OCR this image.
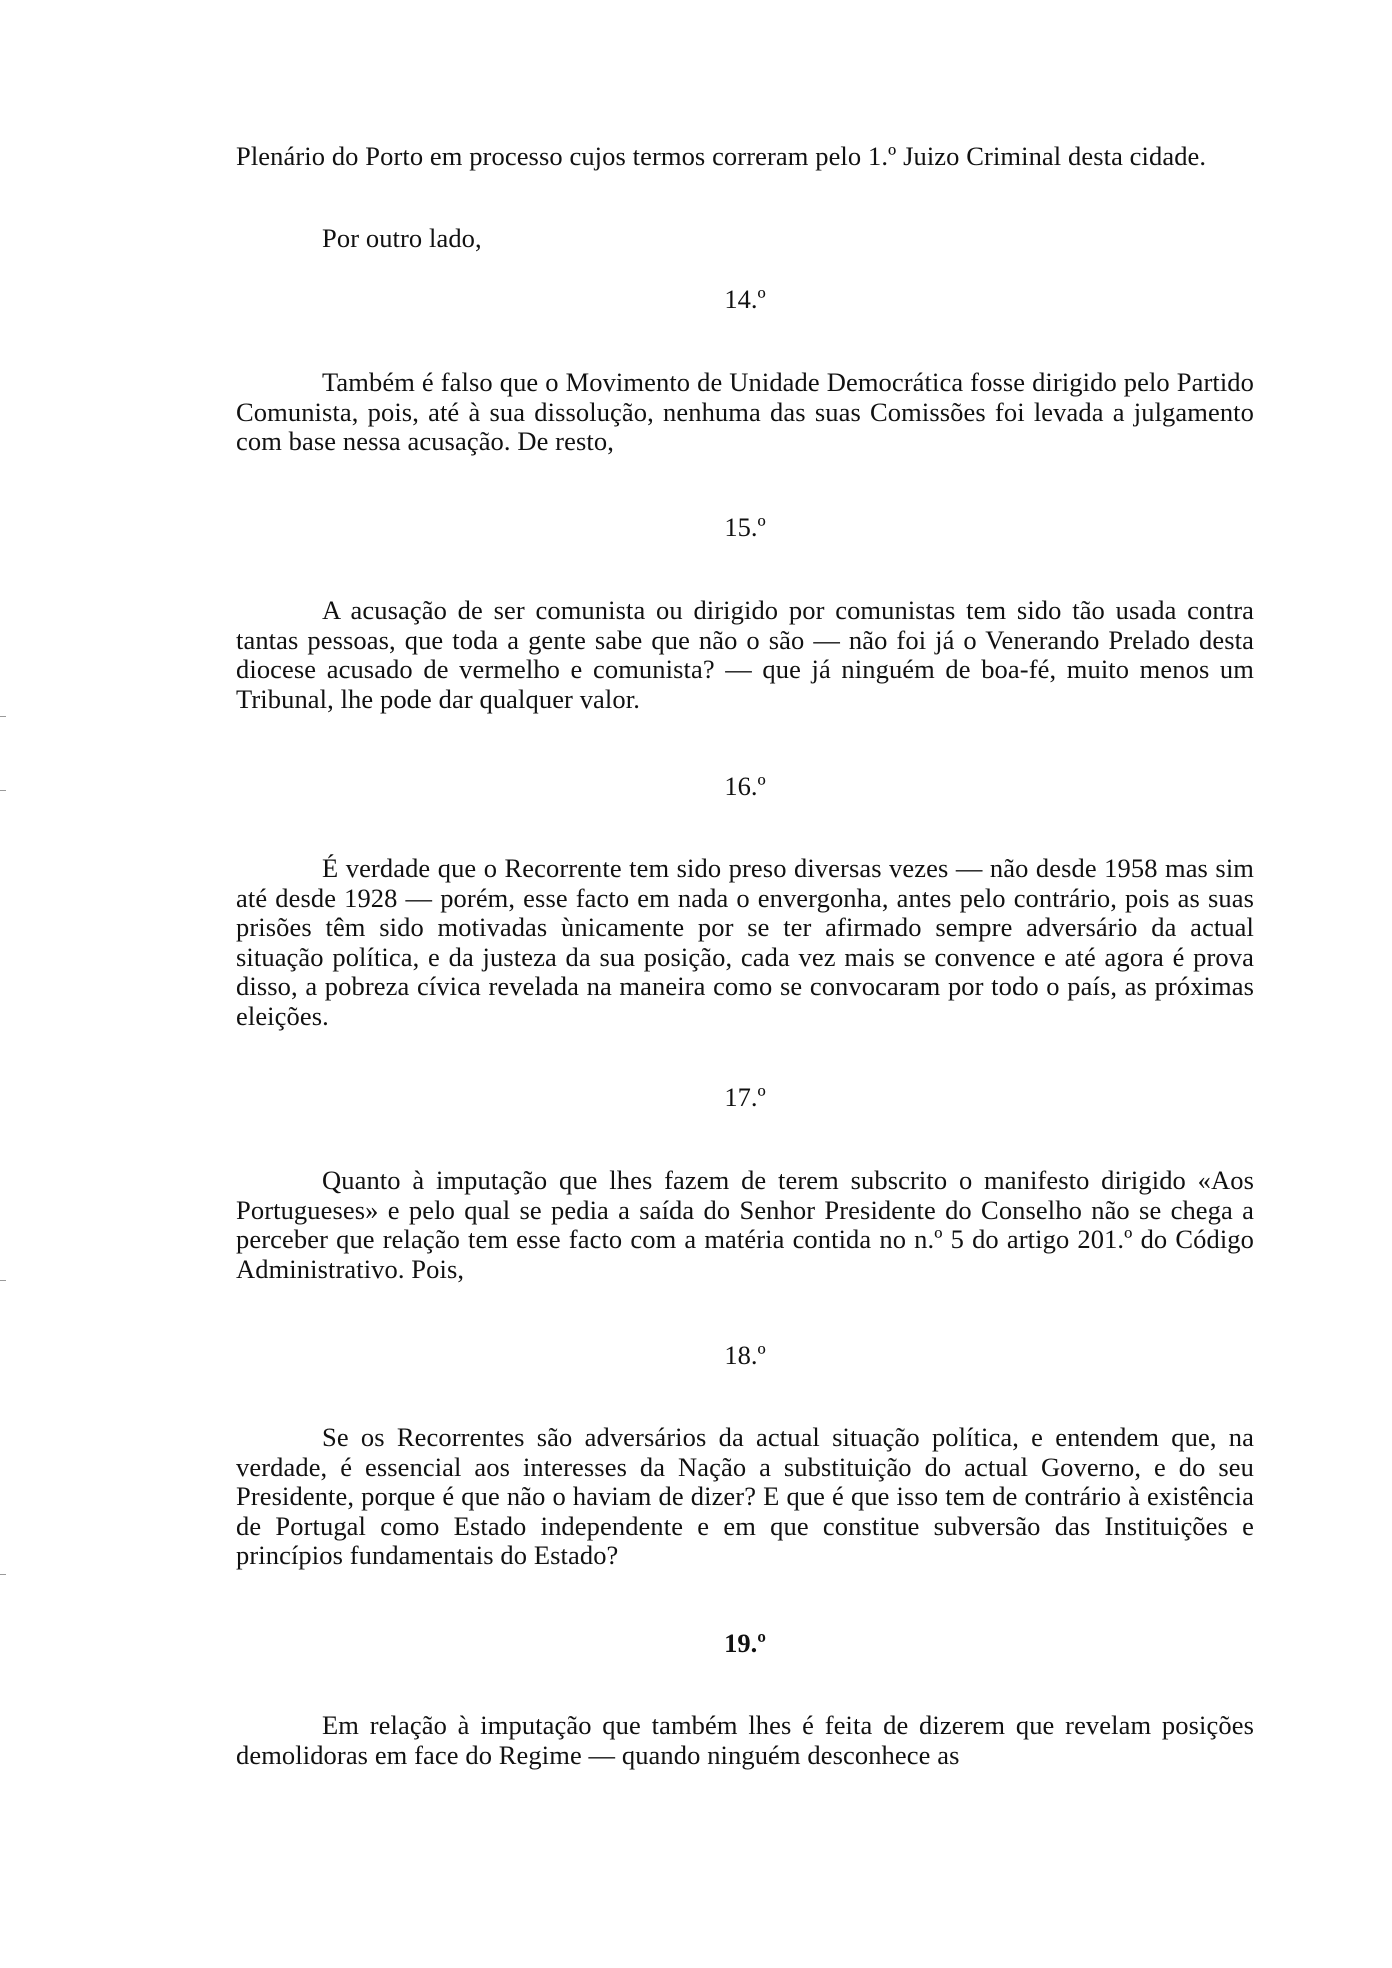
Plenário do Porto em processo cujos termos correram pelo 1.º Juizo Criminal desta cidade.

Por outro lado,

14.º

Também é falso que o Movimento de Unidade Democrática fosse dirigido pelo Partido Comunista, pois, até à sua dissolução, nenhuma das suas Comissões foi levada a julgamento com base nessa acusação. De resto,

15.º

A acusação de ser comunista ou dirigido por comunistas tem sido tão usada contra tantas pessoas, que toda a gente sabe que não o são — não foi já o Venerando Prelado desta diocese acusado de vermelho e comunista? — que já ninguém de boa-fé, muito menos um Tribunal, lhe pode dar qualquer valor.

16.º

É verdade que o Recorrente tem sido preso diversas vezes — não desde 1958 mas sim até desde 1928 — porém, esse facto em nada o envergonha, antes pelo contrário, pois as suas prisões têm sido motivadas ùnicamente por se ter afirmado sempre adversário da actual situação política, e da justeza da sua posição, cada vez mais se convence e até agora é prova disso, a pobreza cívica revelada na maneira como se convocaram por todo o país, as próximas eleições.

17.º

Quanto à imputação que lhes fazem de terem subscrito o manifesto dirigido «Aos Portugueses» e pelo qual se pedia a saída do Senhor Presidente do Conselho não se chega a perceber que relação tem esse facto com a matéria contida no n.º 5 do artigo 201.º do Código Administrativo. Pois,

18.º

Se os Recorrentes são adversários da actual situação política, e entendem que, na verdade, é essencial aos interesses da Nação a substituição do actual Governo, e do seu Presidente, porque é que não o haviam de dizer? E que é que isso tem de contrário à existência de Portugal como Estado independente e em que constitue subversão das Instituições e princípios fundamentais do Estado?

19.º

Em relação à imputação que também lhes é feita de dizerem que revelam posições demolidoras em face do Regime — quando ninguém desconhece as
